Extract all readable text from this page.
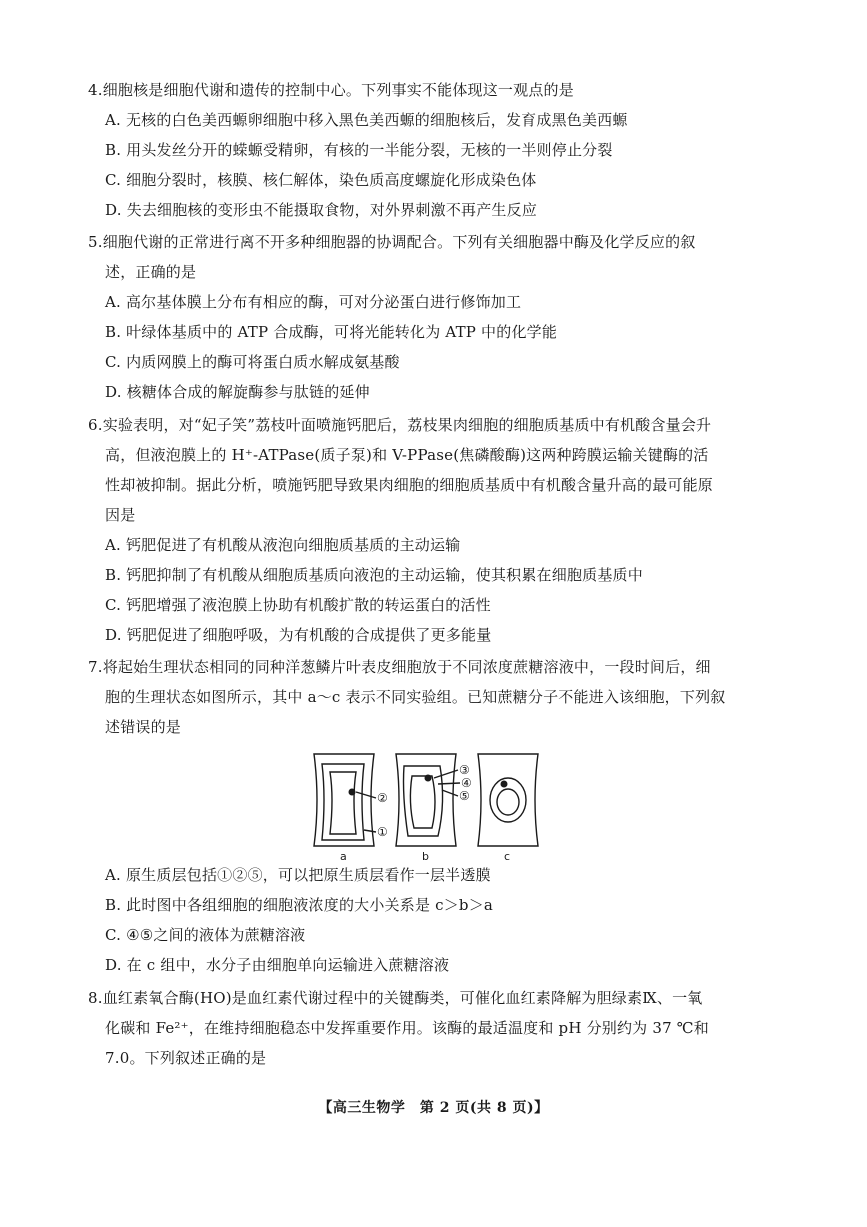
4.细胞核是细胞代谢和遗传的控制中心。下列事实不能体现这一观点的是
A. 无核的白色美西螈卵细胞中移入黑色美西螈的细胞核后，发育成黑色美西螈
B. 用头发丝分开的蝾螈受精卵，有核的一半能分裂，无核的一半则停止分裂
C. 细胞分裂时，核膜、核仁解体，染色质高度螺旋化形成染色体
D. 失去细胞核的变形虫不能摄取食物，对外界刺激不再产生反应
5.细胞代谢的正常进行离不开多种细胞器的协调配合。下列有关细胞器中酶及化学反应的叙
述，正确的是
A. 高尔基体膜上分布有相应的酶，可对分泌蛋白进行修饰加工
B. 叶绿体基质中的 ATP 合成酶，可将光能转化为 ATP 中的化学能
C. 内质网膜上的酶可将蛋白质水解成氨基酸
D. 核糖体合成的解旋酶参与肽链的延伸
6.实验表明，对“妃子笑”荔枝叶面喷施钙肥后，荔枝果肉细胞的细胞质基质中有机酸含量会升
高，但液泡膜上的 H⁺-ATPase(质子泵)和 V-PPase(焦磷酸酶)这两种跨膜运输关键酶的活
性却被抑制。据此分析，喷施钙肥导致果肉细胞的细胞质基质中有机酸含量升高的最可能原
因是
A. 钙肥促进了有机酸从液泡向细胞质基质的主动运输
B. 钙肥抑制了有机酸从细胞质基质向液泡的主动运输，使其积累在细胞质基质中
C. 钙肥增强了液泡膜上协助有机酸扩散的转运蛋白的活性
D. 钙肥促进了细胞呼吸，为有机酸的合成提供了更多能量
7.将起始生理状态相同的同种洋葱鳞片叶表皮细胞放于不同浓度蔗糖溶液中，一段时间后，细
胞的生理状态如图所示，其中 a～c 表示不同实验组。已知蔗糖分子不能进入该细胞，下列叙
述错误的是
②
①
③
④
⑤
a	b	c
A. 原生质层包括①②⑤，可以把原生质层看作一层半透膜
B. 此时图中各组细胞的细胞液浓度的大小关系是 c＞b＞a
C. ④⑤之间的液体为蔗糖溶液
D. 在 c 组中，水分子由细胞单向运输进入蔗糖溶液
8.血红素氧合酶(HO)是血红素代谢过程中的关键酶类，可催化血红素降解为胆绿素Ⅸ、一氧
化碳和 Fe²⁺，在维持细胞稳态中发挥重要作用。该酶的最适温度和 pH 分别约为 37 ℃和
7.0。下列叙述正确的是
【高三生物学　第 2 页(共 8 页)】
